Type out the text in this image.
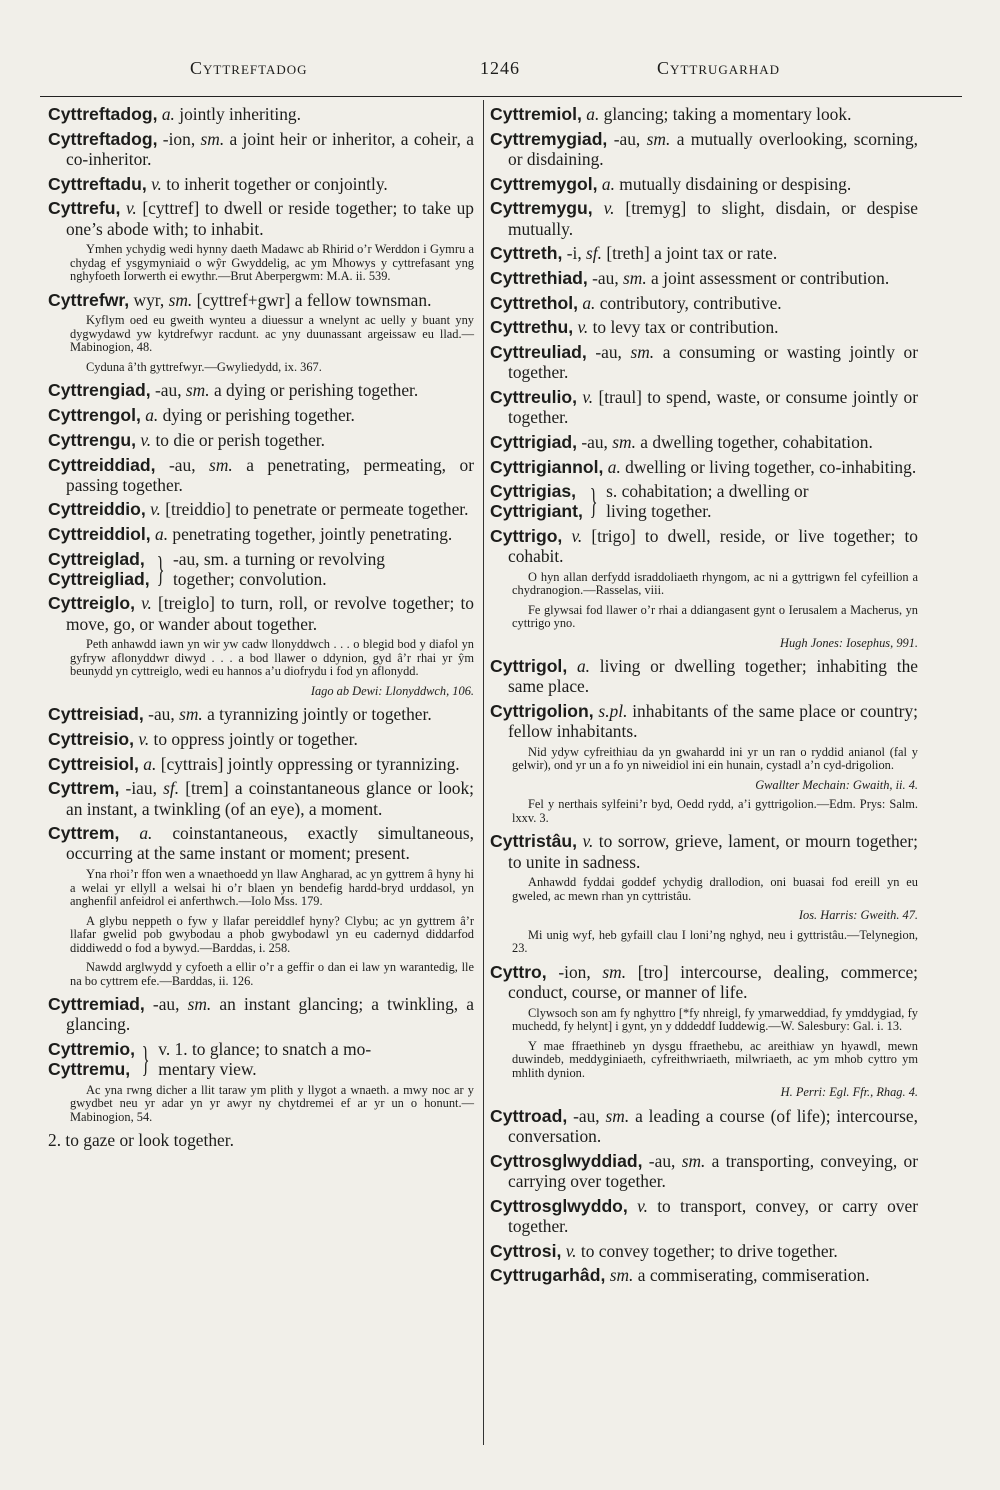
Cyttreftadog	1246	Cyttrugarhad
Cyttreftadog, a. jointly inheriting.
Cyttreftadog, -ion, sm. a joint heir or inheritor, a coheir, a co-inheritor.
Cyttreftadu, v. to inherit together or conjointly.
Cyttrefu, v. [cyttref] to dwell or reside together; to take up one’s abode with; to inhabit.
Ymhen ychydig wedi hynny daeth Madawc ab Rhirid o’r Werddon i Gymru a chydag ef ysgymyniaid o wŷr Gwyddelig, ac ym Mhowys y cyttrefasant yng nghyfoeth Iorwerth ei ewythr.—Brut Aberpergwm: M.A. ii. 539.
Cyttrefwr, wyr, sm. [cyttref+gwr] a fellow townsman.
Kyflym oed eu gweith wynteu a diuessur a wnelynt ac uelly y buant yny dygwydawd yw kytdrefwyr racdunt. ac yny duunassant argeissaw eu llad.—Mabinogion, 48.
Cyduna â’th gyttrefwyr.—Gwyliedydd, ix. 367.
Cyttrengiad, -au, sm. a dying or perishing together.
Cyttrengol, a. dying or perishing together.
Cyttrengu, v. to die or perish together.
Cyttreiddiad, -au, sm. a penetrating, permeating, or passing together.
Cyttreiddio, v. [treiddio] to penetrate or permeate together.
Cyttreiddiol, a. penetrating together, jointly penetrating.
Cyttreiglad,
Cyttreigliad, } -au, sm. a turning or revolving
together; convolution.
Cyttreiglo, v. [treiglo] to turn, roll, or revolve together; to move, go, or wander about together.
Peth anhawdd iawn yn wir yw cadw llonyddwch . . . o blegid bod y diafol yn gyfryw aflonyddwr diwyd . . . a bod llawer o ddynion, gyd â’r rhai yr ŷm beunydd yn cyttreiglo, wedi eu hannos a’u diofrydu i fod yn aflonydd.
Iago ab Dewi: Llonyddwch, 106.
Cyttreisiad, -au, sm. a tyrannizing jointly or together.
Cyttreisio, v. to oppress jointly or together.
Cyttreisiol, a. [cyttrais] jointly oppressing or tyrannizing.
Cyttrem, -iau, sf. [trem] a coinstantaneous glance or look; an instant, a twinkling (of an eye), a moment.
Cyttrem, a. coinstantaneous, exactly simultaneous, occurring at the same instant or moment; present.
Yna rhoi’r ffon wen a wnaethoedd yn llaw Angharad, ac yn gyttrem â hyny hi a welai yr ellyll a welsai hi o’r blaen yn bendefig hardd-bryd urddasol, yn anghenfil anfeidrol ei anferthwch.—Iolo Mss. 179.
A glybu neppeth o fyw y llafar pereiddlef hyny? Clybu; ac yn gyttrem â’r llafar gwelid pob gwybodau a phob gwybodawl yn eu cadernyd diddarfod diddiwedd o fod a bywyd.—Barddas, i. 258.
Nawdd arglwydd y cyfoeth a ellir o’r a geffir o dan ei law yn warantedig, lle na bo cyttrem efe.—Barddas, ii. 126.
Cyttremiad, -au, sm. an instant glancing; a twinkling, a glancing.
Cyttremio,
Cyttremu, } v. 1. to glance; to snatch a mo-
mentary view.
Ac yna rwng dicher a llit taraw ym plith y llygot a wnaeth. a mwy noc ar y gwydbet neu yr adar yn yr awyr ny chytdremei ef ar yr un o honunt.—Mabinogion, 54.
2. to gaze or look together.
Cyttremiol, a. glancing; taking a momentary look.
Cyttremygiad, -au, sm. a mutually overlooking, scorning, or disdaining.
Cyttremygol, a. mutually disdaining or despising.
Cyttremygu, v. [tremyg] to slight, disdain, or despise mutually.
Cyttreth, -i, sf. [treth] a joint tax or rate.
Cyttrethiad, -au, sm. a joint assessment or contribution.
Cyttrethol, a. contributory, contributive.
Cyttrethu, v. to levy tax or contribution.
Cyttreuliad, -au, sm. a consuming or wasting jointly or together.
Cyttreulio, v. [traul] to spend, waste, or consume jointly or together.
Cyttrigiad, -au, sm. a dwelling together, cohabitation.
Cyttrigiannol, a. dwelling or living together, co-inhabiting.
Cyttrigias,
Cyttrigiant, } s. cohabitation; a dwelling or
living together.
Cyttrigo, v. [trigo] to dwell, reside, or live together; to cohabit.
O hyn allan derfydd israddoliaeth rhyngom, ac ni a gyttrigwn fel cyfeillion a chydranogion.—Rasselas, viii.
Fe glywsai fod llawer o’r rhai a ddiangasent gynt o Ierusalem a Macherus, yn cyttrigo yno.
Hugh Jones: Iosephus, 991.
Cyttrigol, a. living or dwelling together; inhabiting the same place.
Cyttrigolion, s.pl. inhabitants of the same place or country; fellow inhabitants.
Nid ydyw cyfreithiau da yn gwahardd ini yr un ran o ryddid anianol (fal y gelwir), ond yr un a fo yn niweidiol ini ein hunain, cystadl a’n cyd-drigolion.
Gwallter Mechain: Gwaith, ii. 4.
Fel y nerthais sylfeini’r byd, Oedd rydd, a’i gyttrigolion.—Edm. Prys: Salm. lxxv. 3.
Cyttristâu, v. to sorrow, grieve, lament, or mourn together; to unite in sadness.
Anhawdd fyddai goddef ychydig drallodion, oni buasai fod ereill yn eu gweled, ac mewn rhan yn cyttristâu.
Ios. Harris: Gweith. 47.
Mi unig wyf, heb gyfaill clau I loni’ng nghyd, neu i gyttristâu.—Telynegion, 23.
Cyttro, -ion, sm. [tro] intercourse, dealing, commerce; conduct, course, or manner of life.
Clywsoch son am fy nghyttro [*fy nhreigl, fy ymarweddiad, fy ymddygiad, fy muchedd, fy helynt] i gynt, yn y dddeddf Iuddewig.—W. Salesbury: Gal. i. 13.
Y mae ffraethineb yn dysgu ffraethebu, ac areithiaw yn hyawdl, mewn duwindeb, meddyginiaeth, cyfreithwriaeth, milwriaeth, ac ym mhob cyttro ym mhlith dynion.
H. Perri: Egl. Ffr., Rhag. 4.
Cyttroad, -au, sm. a leading a course (of life); intercourse, conversation.
Cyttrosglwyddiad, -au, sm. a transporting, conveying, or carrying over together.
Cyttrosglwyddo, v. to transport, convey, or carry over together.
Cyttrosi, v. to convey together; to drive together.
Cyttrugarhâd, sm. a commiserating, commiseration.
